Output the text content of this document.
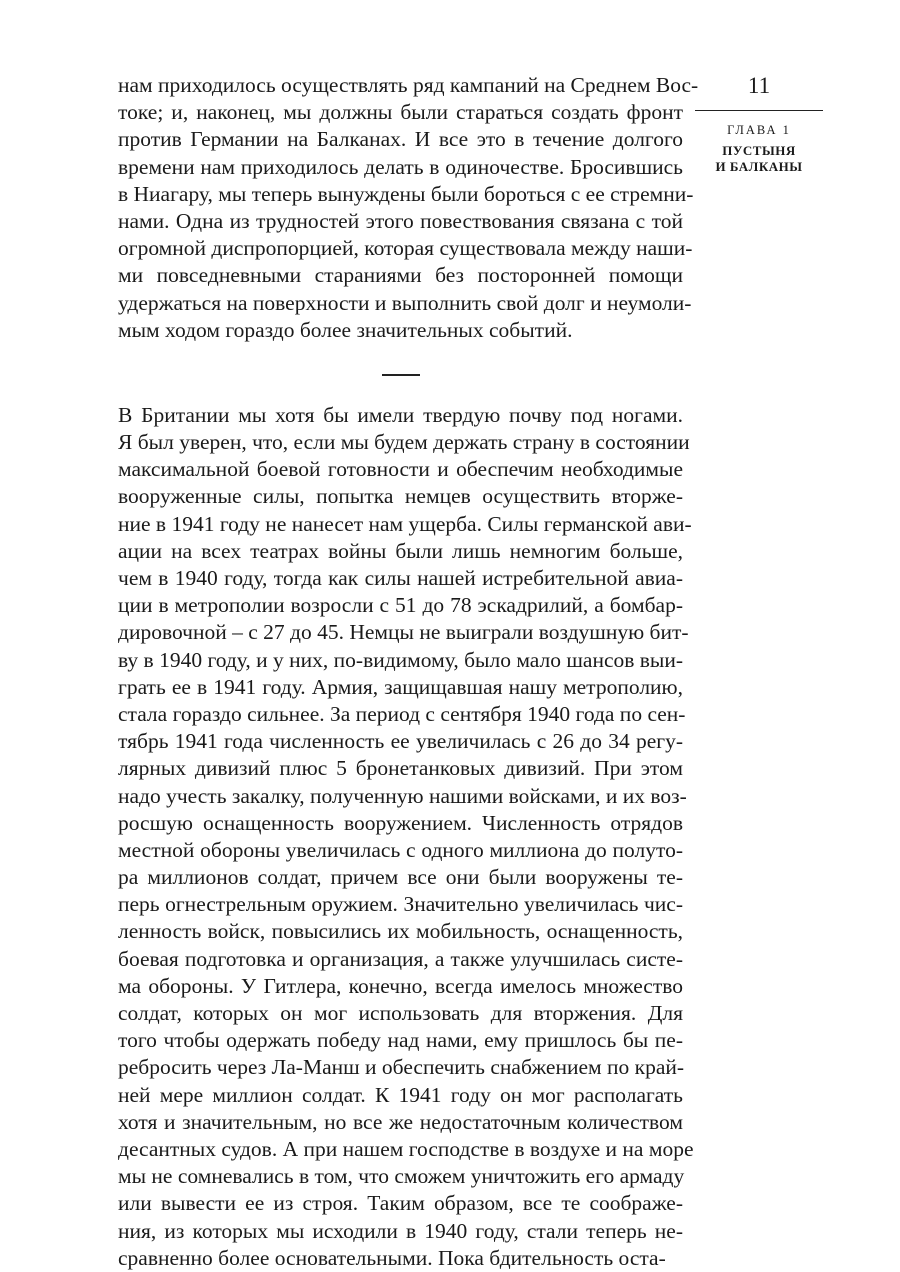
нам приходилось осуществлять ряд кампаний на Среднем Вос-
токе; и, наконец, мы должны были стараться создать фронт
против Германии на Балканах. И все это в течение долгого
времени нам приходилось делать в одиночестве. Бросившись
в Ниагару, мы теперь вынуждены были бороться с ее стремни-
нами. Одна из трудностей этого повествования связана с той
огромной диспропорцией, которая существовала между наши-
ми повседневными стараниями без посторонней помощи
удержаться на поверхности и выполнить свой долг и неумоли-
мым ходом гораздо более значительных событий.
В Британии мы хотя бы имели твердую почву под ногами.
Я был уверен, что, если мы будем держать страну в состоянии
максимальной боевой готовности и обеспечим необходимые
вооруженные силы, попытка немцев осуществить вторже-
ние в 1941 году не нанесет нам ущерба. Силы германской ави-
ации на всех театрах войны были лишь немногим больше,
чем в 1940 году, тогда как силы нашей истребительной авиа-
ции в метрополии возросли с 51 до 78 эскадрилий, а бомбар-
дировочной – с 27 до 45. Немцы не выиграли воздушную бит-
ву в 1940 году, и у них, по-видимому, было мало шансов выи-
грать ее в 1941 году. Армия, защищавшая нашу метрополию,
стала гораздо сильнее. За период с сентября 1940 года по сен-
тябрь 1941 года численность ее увеличилась с 26 до 34 регу-
лярных дивизий плюс 5 бронетанковых дивизий. При этом
надо учесть закалку, полученную нашими войсками, и их воз-
росшую оснащенность вооружением. Численность отрядов
местной обороны увеличилась с одного миллиона до полуто-
ра миллионов солдат, причем все они были вооружены те-
перь огнестрельным оружием. Значительно увеличилась чис-
ленность войск, повысились их мобильность, оснащенность,
боевая подготовка и организация, а также улучшилась систе-
ма обороны. У Гитлера, конечно, всегда имелось множество
солдат, которых он мог использовать для вторжения. Для
того чтобы одержать победу над нами, ему пришлось бы пе-
ребросить через Ла-Манш и обеспечить снабжением по край-
ней мере миллион солдат. К 1941 году он мог располагать
хотя и значительным, но все же недостаточным количеством
десантных судов. А при нашем господстве в воздухе и на море
мы не сомневались в том, что сможем уничтожить его армаду
или вывести ее из строя. Таким образом, все те соображе-
ния, из которых мы исходили в 1940 году, стали теперь не-
сравненно более основательными. Пока бдительность оста-
11
ГЛАВА 1
ПУСТЫНЯ
И БАЛКАНЫ
